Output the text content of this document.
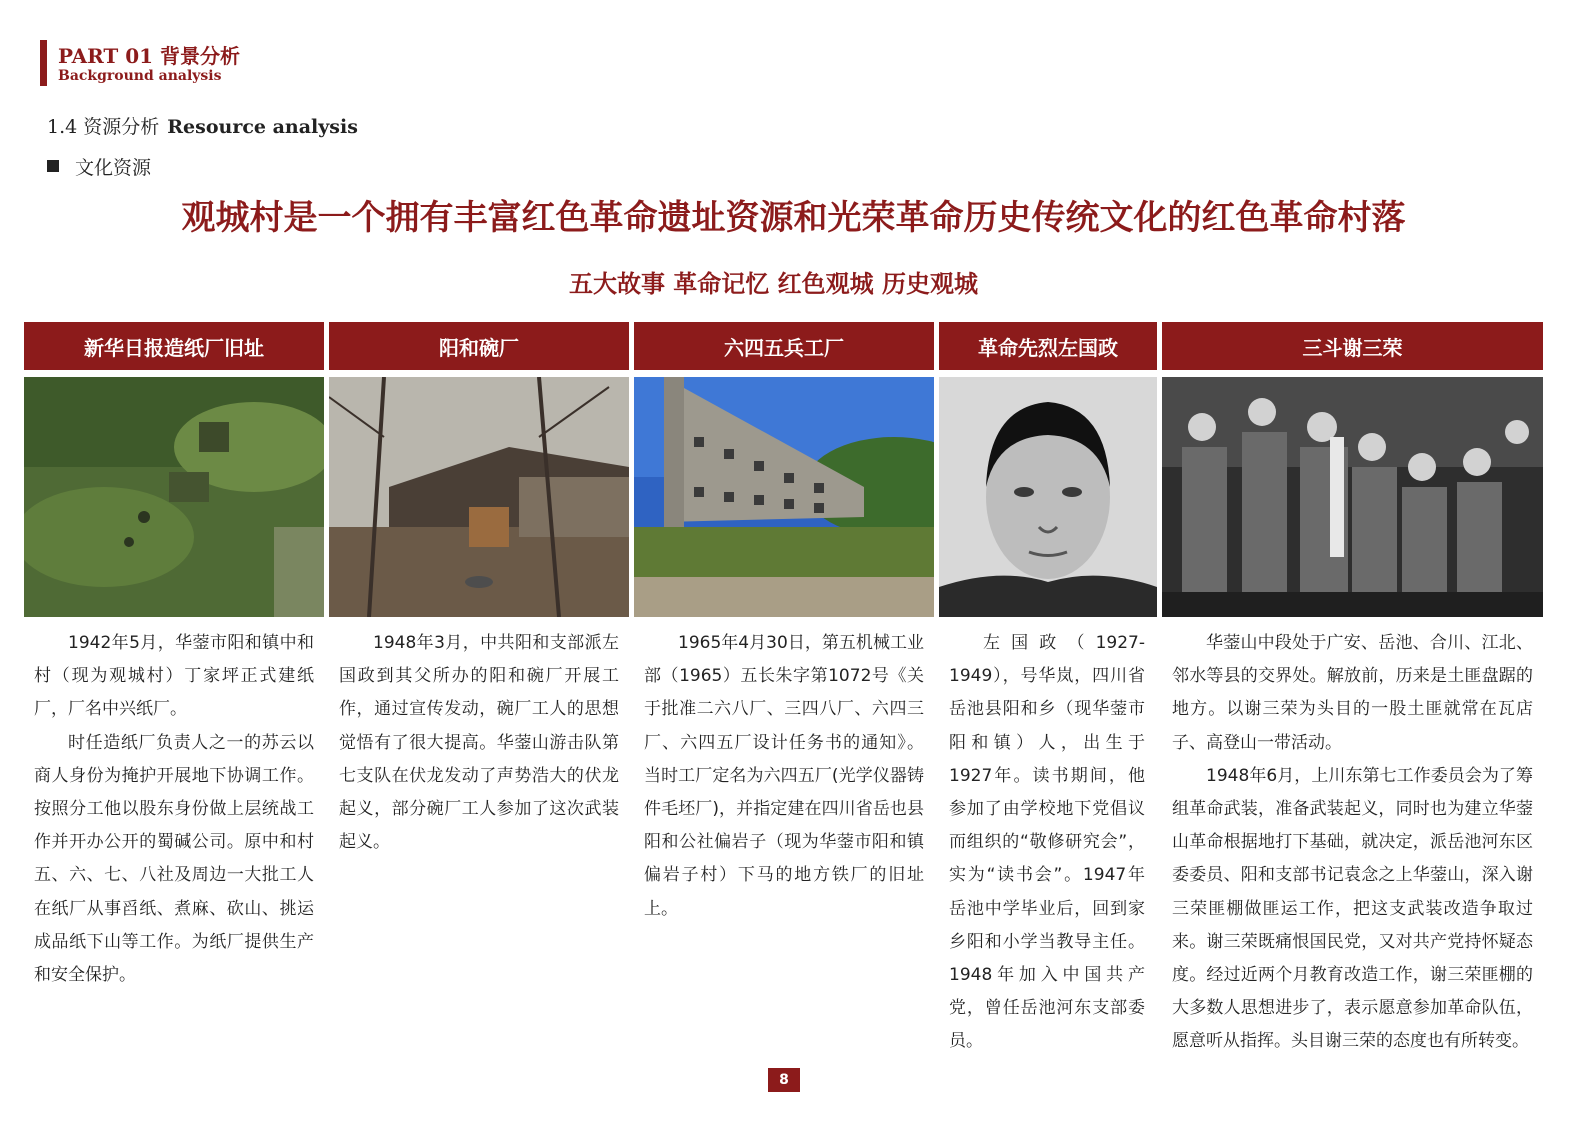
PART 01 背景分析
Background analysis
1.4 资源分析 Resource analysis
文化资源
观城村是一个拥有丰富红色革命遗址资源和光荣革命历史传统文化的红色革命村落
五大故事 革命记忆 红色观城 历史观城
新华日报造纸厂旧址

1942年5月，华蓥市阳和镇中和村（现为观城村）丁家坪正式建纸厂，厂名中兴纸厂。

时任造纸厂负责人之一的苏云以商人身份为掩护开展地下协调工作。按照分工他以股东身份做上层统战工作并开办公开的蜀碱公司。原中和村五、六、七、八社及周边一大批工人在纸厂从事舀纸、煮麻、砍山、挑运成品纸下山等工作。为纸厂提供生产和安全保护。

阳和碗厂

1948年3月，中共阳和支部派左国政到其父所办的阳和碗厂开展工作，通过宣传发动，碗厂工人的思想觉悟有了很大提高。华蓥山游击队第七支队在伏龙发动了声势浩大的伏龙起义，部分碗厂工人参加了这次武装起义。

六四五兵工厂

1965年4月30日，第五机械工业部（1965）五长朱字第1072号《关于批准二六八厂、三四八厂、六四三厂、六四五厂设计任务书的通知》。当时工厂定名为六四五厂(光学仪器铸件毛坯厂)，并指定建在四川省岳也县阳和公社偏岩子（现为华蓥市阳和镇偏岩子村）下马的地方铁厂的旧址上。

革命先烈左国政

左国政（1927-1949），号华岚，四川省岳池县阳和乡（现华蓥市阳和镇）人，出生于1927年。读书期间，他参加了由学校地下党倡议而组织的“敬修研究会”，实为“读书会”。1947年岳池中学毕业后，回到家乡阳和小学当教导主任。1948年加入中国共产党，曾任岳池河东支部委员。

三斗谢三荣

华蓥山中段处于广安、岳池、合川、江北、邻水等县的交界处。解放前，历来是土匪盘踞的地方。以谢三荣为头目的一股土匪就常在瓦店子、高登山一带活动。

1948年6月，上川东第七工作委员会为了筹组革命武装，准备武装起义，同时也为建立华蓥山革命根据地打下基础，就决定，派岳池河东区委委员、阳和支部书记袁念之上华蓥山，深入谢三荣匪棚做匪运工作，把这支武装改造争取过来。谢三荣既痛恨国民党，又对共产党持怀疑态度。经过近两个月教育改造工作，谢三荣匪棚的大多数人思想进步了，表示愿意参加革命队伍，愿意听从指挥。头目谢三荣的态度也有所转变。

8
